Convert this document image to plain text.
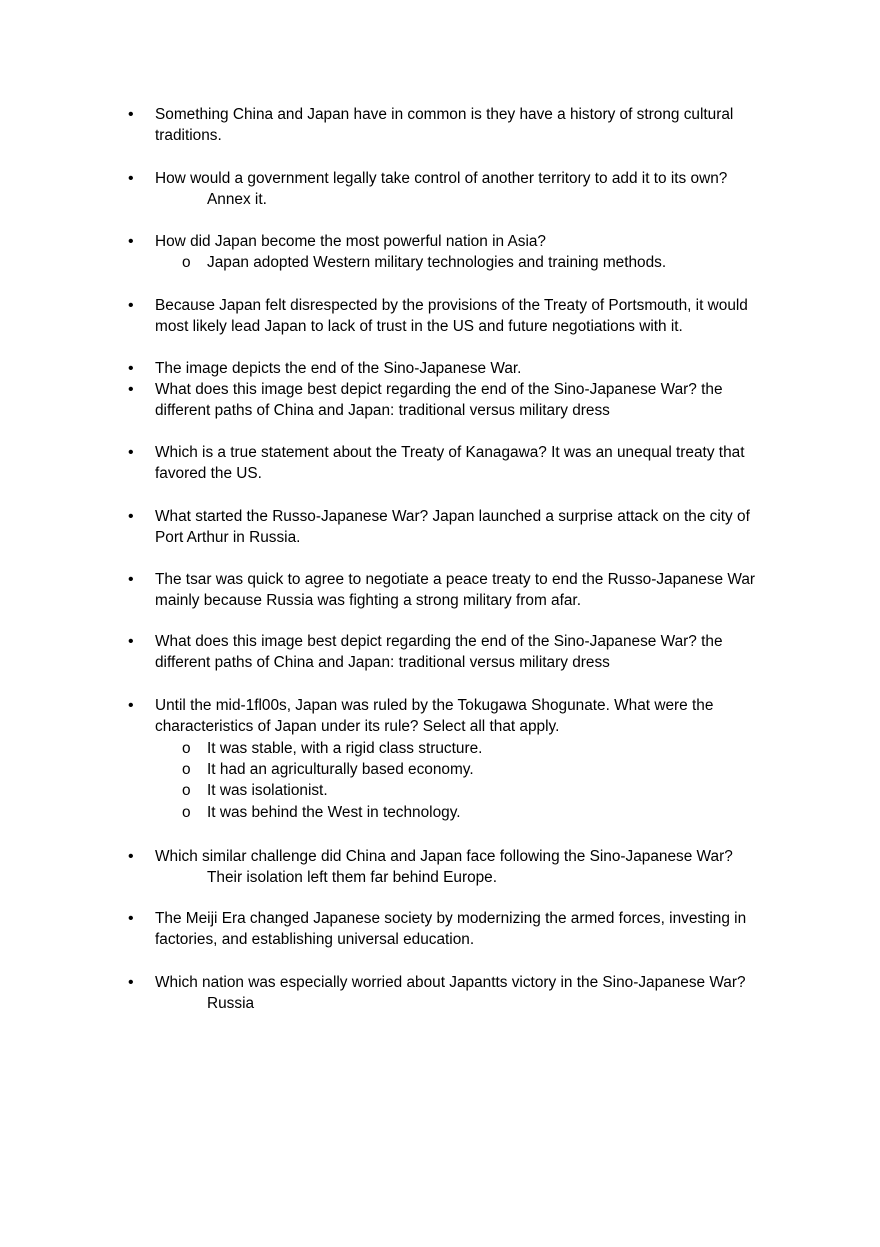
• Something China and Japan have in common is they have a history of strong cultural
traditions.
• How would a government legally take control of another territory to add it to its own?
Annex it.
• How did Japan become the most powerful nation in Asia?
o Japan adopted Western military technologies and training methods.
• Because Japan felt disrespected by the provisions of the Treaty of Portsmouth, it would
most likely lead Japan to lack of trust in the US and future negotiations with it.
• The image depicts the end of the Sino-Japanese War.
• What does this image best depict regarding the end of the Sino-Japanese War? the
different paths of China and Japan: traditional versus military dress
• Which is a true statement about the Treaty of Kanagawa? It was an unequal treaty that
favored the US.
• What started the Russo-Japanese War? Japan launched a surprise attack on the city of
Port Arthur in Russia.
• The tsar was quick to agree to negotiate a peace treaty to end the Russo-Japanese War
mainly because Russia was fighting a strong military from afar.
• What does this image best depict regarding the end of the Sino-Japanese War? the
different paths of China and Japan: traditional versus military dress
• Until the mid-1fl00s, Japan was ruled by the Tokugawa Shogunate. What were the
characteristics of Japan under its rule? Select all that apply.
o It was stable, with a rigid class structure.
o It had an agriculturally based economy.
o It was isolationist.
o It was behind the West in technology.
• Which similar challenge did China and Japan face following the Sino-Japanese War?
Their isolation left them far behind Europe.
• The Meiji Era changed Japanese society by modernizing the armed forces, investing in
factories, and establishing universal education.
• Which nation was especially worried about Japantts victory in the Sino-Japanese War?
Russia
